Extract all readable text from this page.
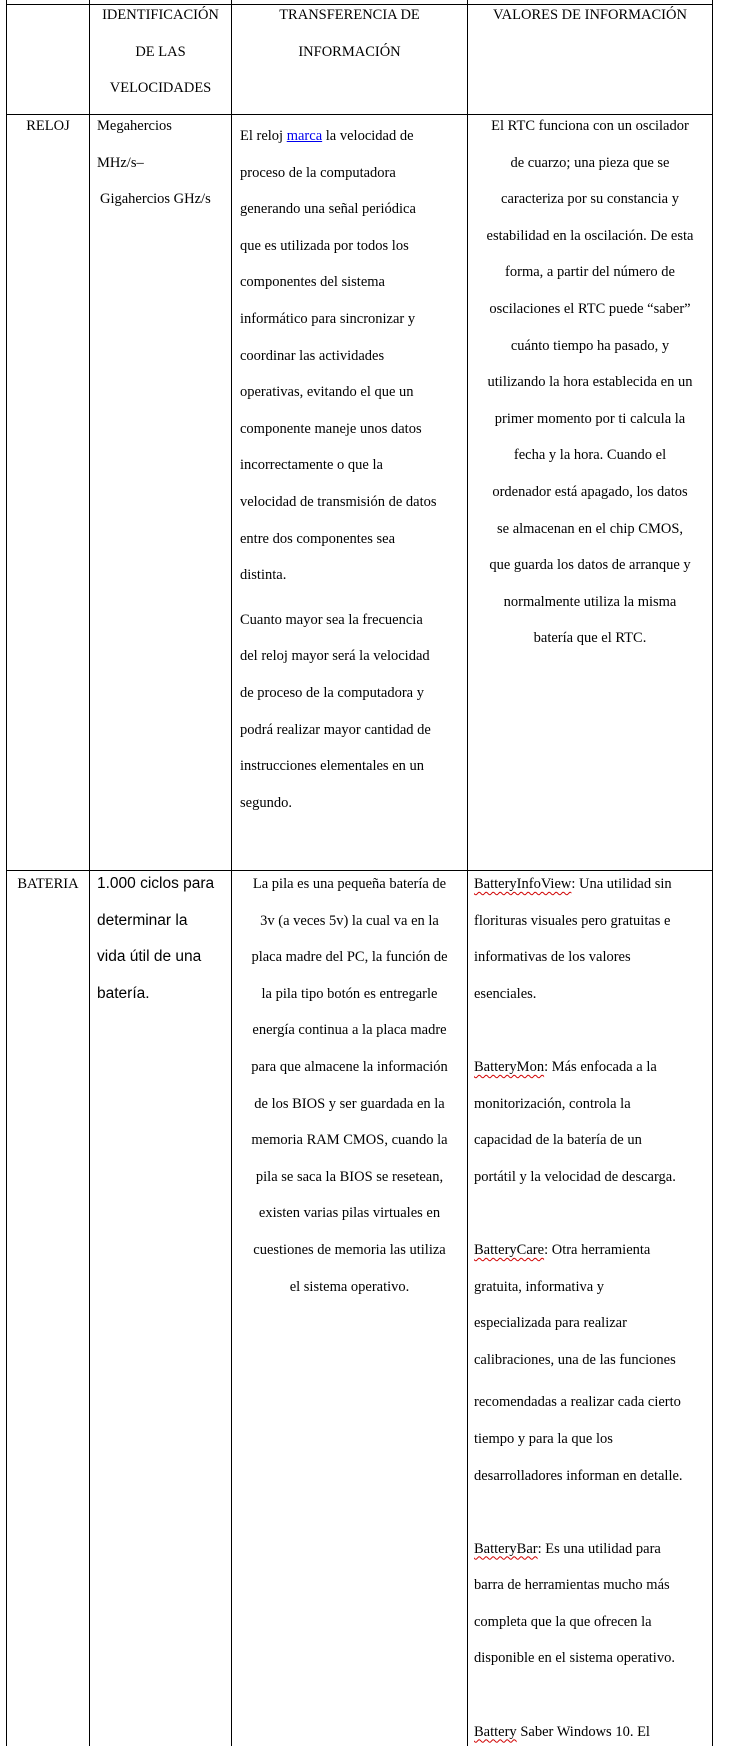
IDENTIFICACIÓN
DE LAS
VELOCIDADES
TRANSFERENCIA DE
INFORMACIÓN
VALORES DE INFORMACIÓN
RELOJ	Megahercios
MHz/s–
Gigahercios GHz/s
El reloj marca la velocidad de
proceso de la computadora
generando una señal periódica
que es utilizada por todos los
componentes del sistema
informático para sincronizar y
coordinar las actividades
operativas, evitando el que un
componente maneje unos datos
incorrectamente o que la
velocidad de transmisión de datos
entre dos componentes sea
distinta.
Cuanto mayor sea la frecuencia
del reloj mayor será la velocidad
de proceso de la computadora y
podrá realizar mayor cantidad de
instrucciones elementales en un
segundo.
El RTC funciona con un oscilador
de cuarzo; una pieza que se
caracteriza por su constancia y
estabilidad en la oscilación. De esta
forma, a partir del número de
oscilaciones el RTC puede “saber”
cuánto tiempo ha pasado, y
utilizando la hora establecida en un
primer momento por ti calcula la
fecha y la hora. Cuando el
ordenador está apagado, los datos
se almacenan en el chip CMOS,
que guarda los datos de arranque y
normalmente utiliza la misma
batería que el RTC.
BATERIA	1.000 ciclos para
determinar la
vida útil de una
batería.
La pila es una pequeña batería de
3v (a veces 5v) la cual va en la
placa madre del PC, la función de
la pila tipo botón es entregarle
energía continua a la placa madre
para que almacene la información
de los BIOS y ser guardada en la
memoria RAM CMOS, cuando la
pila se saca la BIOS se resetean,
existen varias pilas virtuales en
cuestiones de memoria las utiliza
el sistema operativo.
BatteryInfoView: Una utilidad sin
florituras visuales pero gratuitas e
informativas de los valores
esenciales.
BatteryMon: Más enfocada a la
monitorización, controla la
capacidad de la batería de un
portátil y la velocidad de descarga.
BatteryCare: Otra herramienta
gratuita, informativa y
especializada para realizar
calibraciones, una de las funciones
recomendadas a realizar cada cierto
tiempo y para la que los
desarrolladores informan en detalle.
BatteryBar: Es una utilidad para
barra de herramientas mucho más
completa que la que ofrecen la
disponible en el sistema operativo.
Battery Saber Windows 10. El
